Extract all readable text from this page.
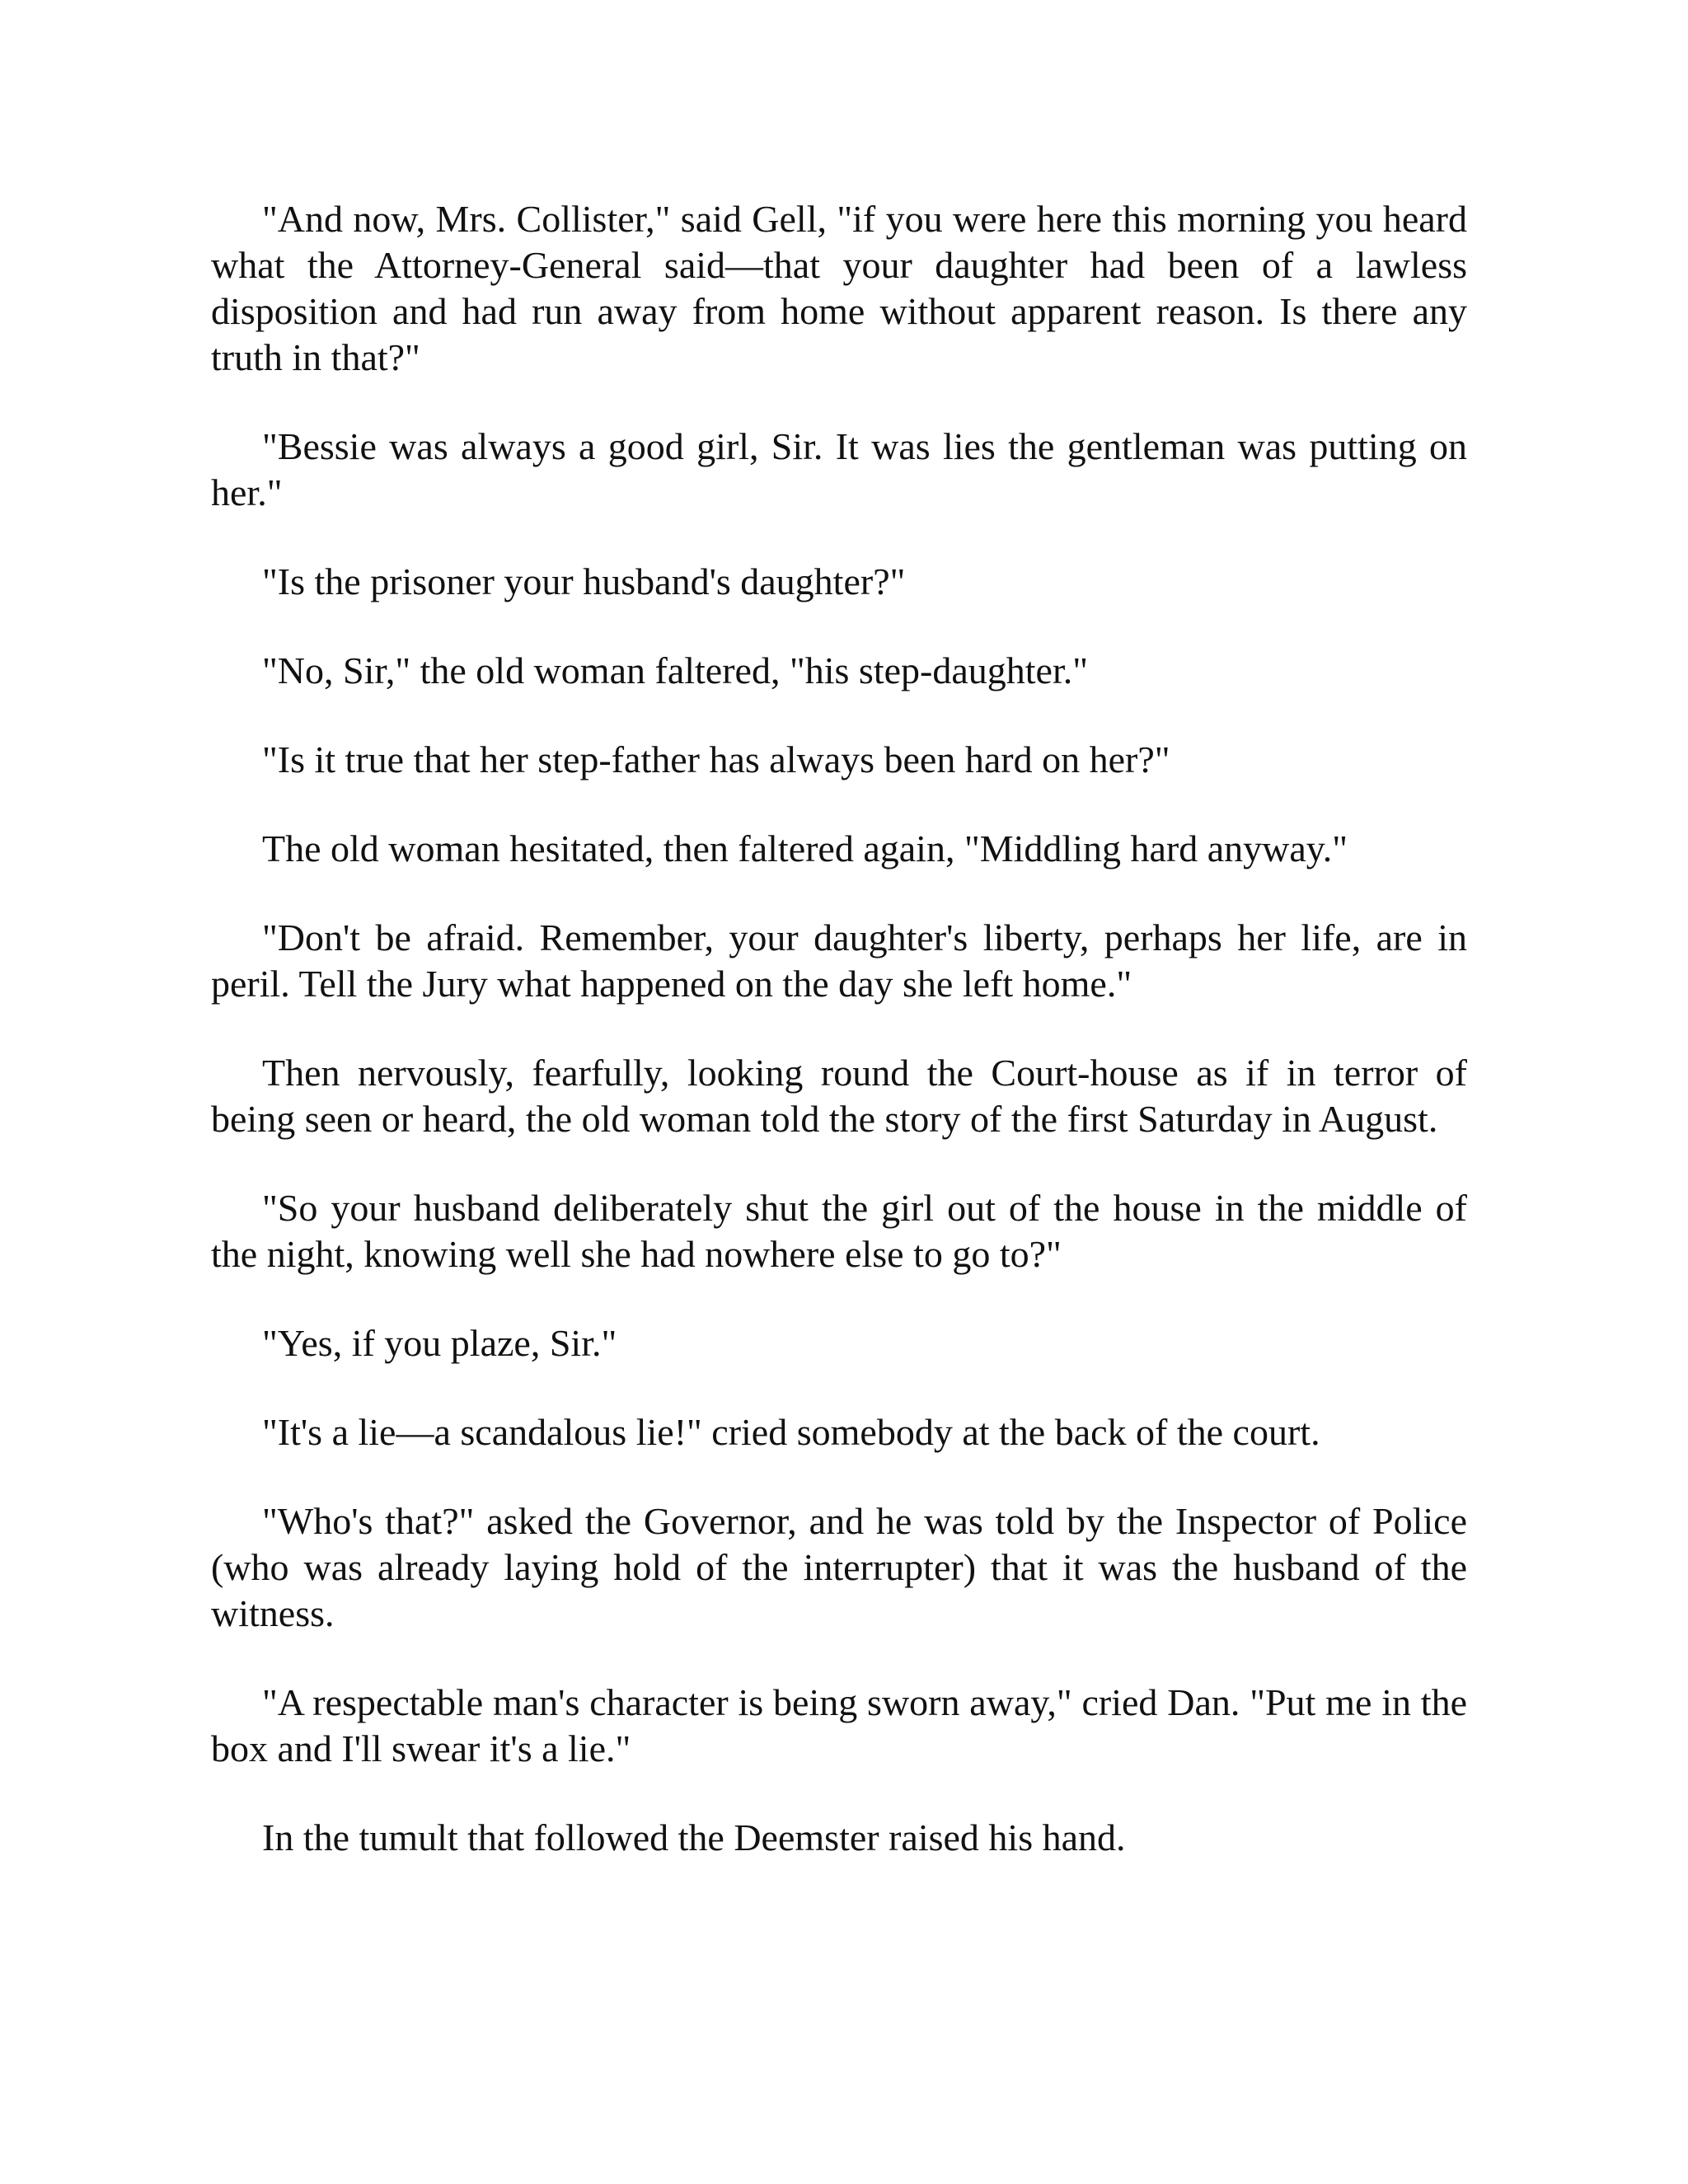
"And now, Mrs. Collister," said Gell, "if you were here this morning you heard what the Attorney-General said—that your daughter had been of a lawless disposition and had run away from home without apparent reason. Is there any truth in that?"

"Bessie was always a good girl, Sir. It was lies the gentleman was putting on her."

"Is the prisoner your husband's daughter?"

"No, Sir," the old woman faltered, "his step-daughter."

"Is it true that her step-father has always been hard on her?"

The old woman hesitated, then faltered again, "Middling hard anyway."

"Don't be afraid. Remember, your daughter's liberty, perhaps her life, are in peril. Tell the Jury what happened on the day she left home."

Then nervously, fearfully, looking round the Court-house as if in terror of being seen or heard, the old woman told the story of the first Saturday in August.

"So your husband deliberately shut the girl out of the house in the middle of the night, knowing well she had nowhere else to go to?"

"Yes, if you plaze, Sir."

"It's a lie—a scandalous lie!" cried somebody at the back of the court.

"Who's that?" asked the Governor, and he was told by the Inspector of Police (who was already laying hold of the interrupter) that it was the husband of the witness.

"A respectable man's character is being sworn away," cried Dan. "Put me in the box and I'll swear it's a lie."

In the tumult that followed the Deemster raised his hand.
